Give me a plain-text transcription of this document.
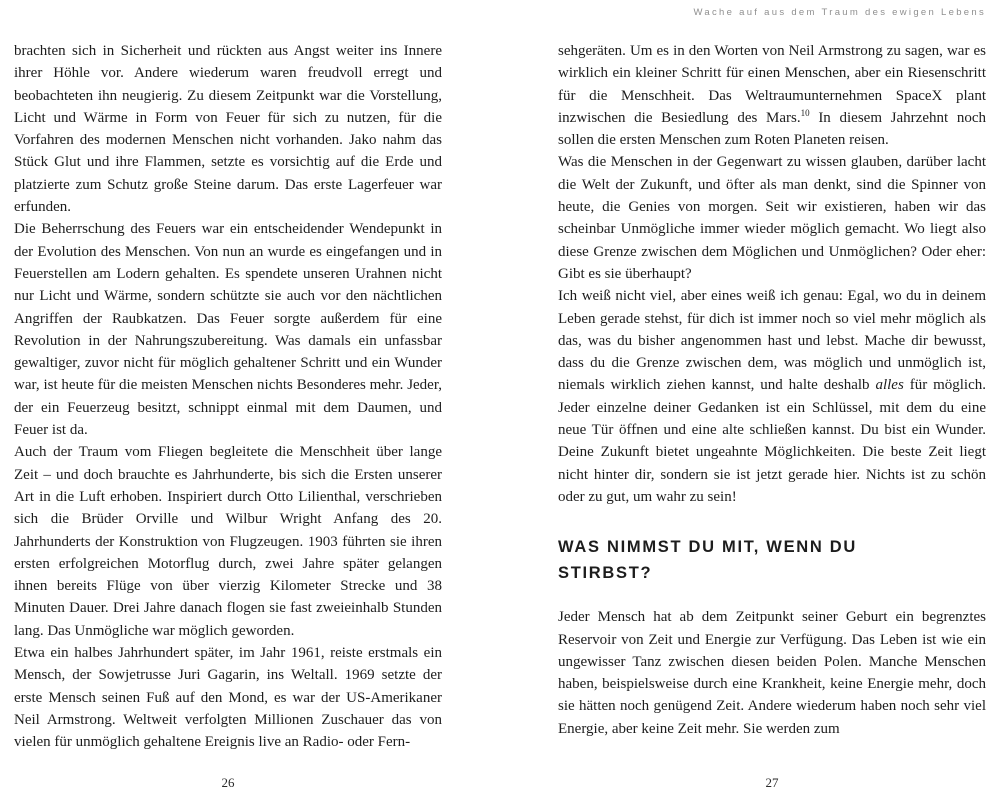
Wache auf aus dem Traum des ewigen Lebens

brachten sich in Sicherheit und rückten aus Angst weiter ins Innere ihrer Höhle vor. Andere wiederum waren freudvoll erregt und beobachteten ihn neugierig. Zu diesem Zeitpunkt war die Vorstellung, Licht und Wärme in Form von Feuer für sich zu nutzen, für die Vorfahren des modernen Menschen nicht vorhanden. Jako nahm das Stück Glut und ihre Flammen, setzte es vorsichtig auf die Erde und platzierte zum Schutz große Steine darum. Das erste Lagerfeuer war erfunden.

Die Beherrschung des Feuers war ein entscheidender Wendepunkt in der Evolution des Menschen. Von nun an wurde es eingefangen und in Feuerstellen am Lodern gehalten. Es spendete unseren Urahnen nicht nur Licht und Wärme, sondern schützte sie auch vor den nächtlichen Angriffen der Raubkatzen. Das Feuer sorgte außerdem für eine Revolution in der Nahrungszubereitung. Was damals ein unfassbar gewaltiger, zuvor nicht für möglich gehaltener Schritt und ein Wunder war, ist heute für die meisten Menschen nichts Besonderes mehr. Jeder, der ein Feuerzeug besitzt, schnippt einmal mit dem Daumen, und Feuer ist da.

Auch der Traum vom Fliegen begleitete die Menschheit über lange Zeit – und doch brauchte es Jahrhunderte, bis sich die Ersten unserer Art in die Luft erhoben. Inspiriert durch Otto Lilienthal, verschrieben sich die Brüder Orville und Wilbur Wright Anfang des 20. Jahrhunderts der Konstruktion von Flugzeugen. 1903 führten sie ihren ersten erfolgreichen Motorflug durch, zwei Jahre später gelangen ihnen bereits Flüge von über vierzig Kilometer Strecke und 38 Minuten Dauer. Drei Jahre danach flogen sie fast zweieinhalb Stunden lang. Das Unmögliche war möglich geworden.

Etwa ein halbes Jahrhundert später, im Jahr 1961, reiste erstmals ein Mensch, der Sowjetrusse Juri Gagarin, ins Weltall. 1969 setzte der erste Mensch seinen Fuß auf den Mond, es war der US-Amerikaner Neil Armstrong. Weltweit verfolgten Millionen Zuschauer das von vielen für unmöglich gehaltene Ereignis live an Radio- oder Fern-

26

sehgeräten. Um es in den Worten von Neil Armstrong zu sagen, war es wirklich ein kleiner Schritt für einen Menschen, aber ein Riesenschritt für die Menschheit. Das Weltraumunternehmen SpaceX plant inzwischen die Besiedlung des Mars.$^{10}$ In diesem Jahrzehnt noch sollen die ersten Menschen zum Roten Planeten reisen.

Was die Menschen in der Gegenwart zu wissen glauben, darüber lacht die Welt der Zukunft, und öfter als man denkt, sind die Spinner von heute, die Genies von morgen. Seit wir existieren, haben wir das scheinbar Unmögliche immer wieder möglich gemacht. Wo liegt also diese Grenze zwischen dem Möglichen und Unmöglichen? Oder eher: Gibt es sie überhaupt?

Ich weiß nicht viel, aber eines weiß ich genau: Egal, wo du in deinem Leben gerade stehst, für dich ist immer noch so viel mehr möglich als das, was du bisher angenommen hast und lebst. Mache dir bewusst, dass du die Grenze zwischen dem, was möglich und unmöglich ist, niemals wirklich ziehen kannst, und halte deshalb alles für möglich. Jeder einzelne deiner Gedanken ist ein Schlüssel, mit dem du eine neue Tür öffnen und eine alte schließen kannst. Du bist ein Wunder. Deine Zukunft bietet ungeahnte Möglichkeiten. Die beste Zeit liegt nicht hinter dir, sondern sie ist jetzt gerade hier. Nichts ist zu schön oder zu gut, um wahr zu sein!

WAS NIMMST DU MIT, WENN DU STIRBST?

Jeder Mensch hat ab dem Zeitpunkt seiner Geburt ein begrenztes Reservoir von Zeit und Energie zur Verfügung. Das Leben ist wie ein ungewisser Tanz zwischen diesen beiden Polen. Manche Menschen haben, beispielsweise durch eine Krankheit, keine Energie mehr, doch sie hätten noch genügend Zeit. Andere wiederum haben noch sehr viel Energie, aber keine Zeit mehr. Sie werden zum

27
